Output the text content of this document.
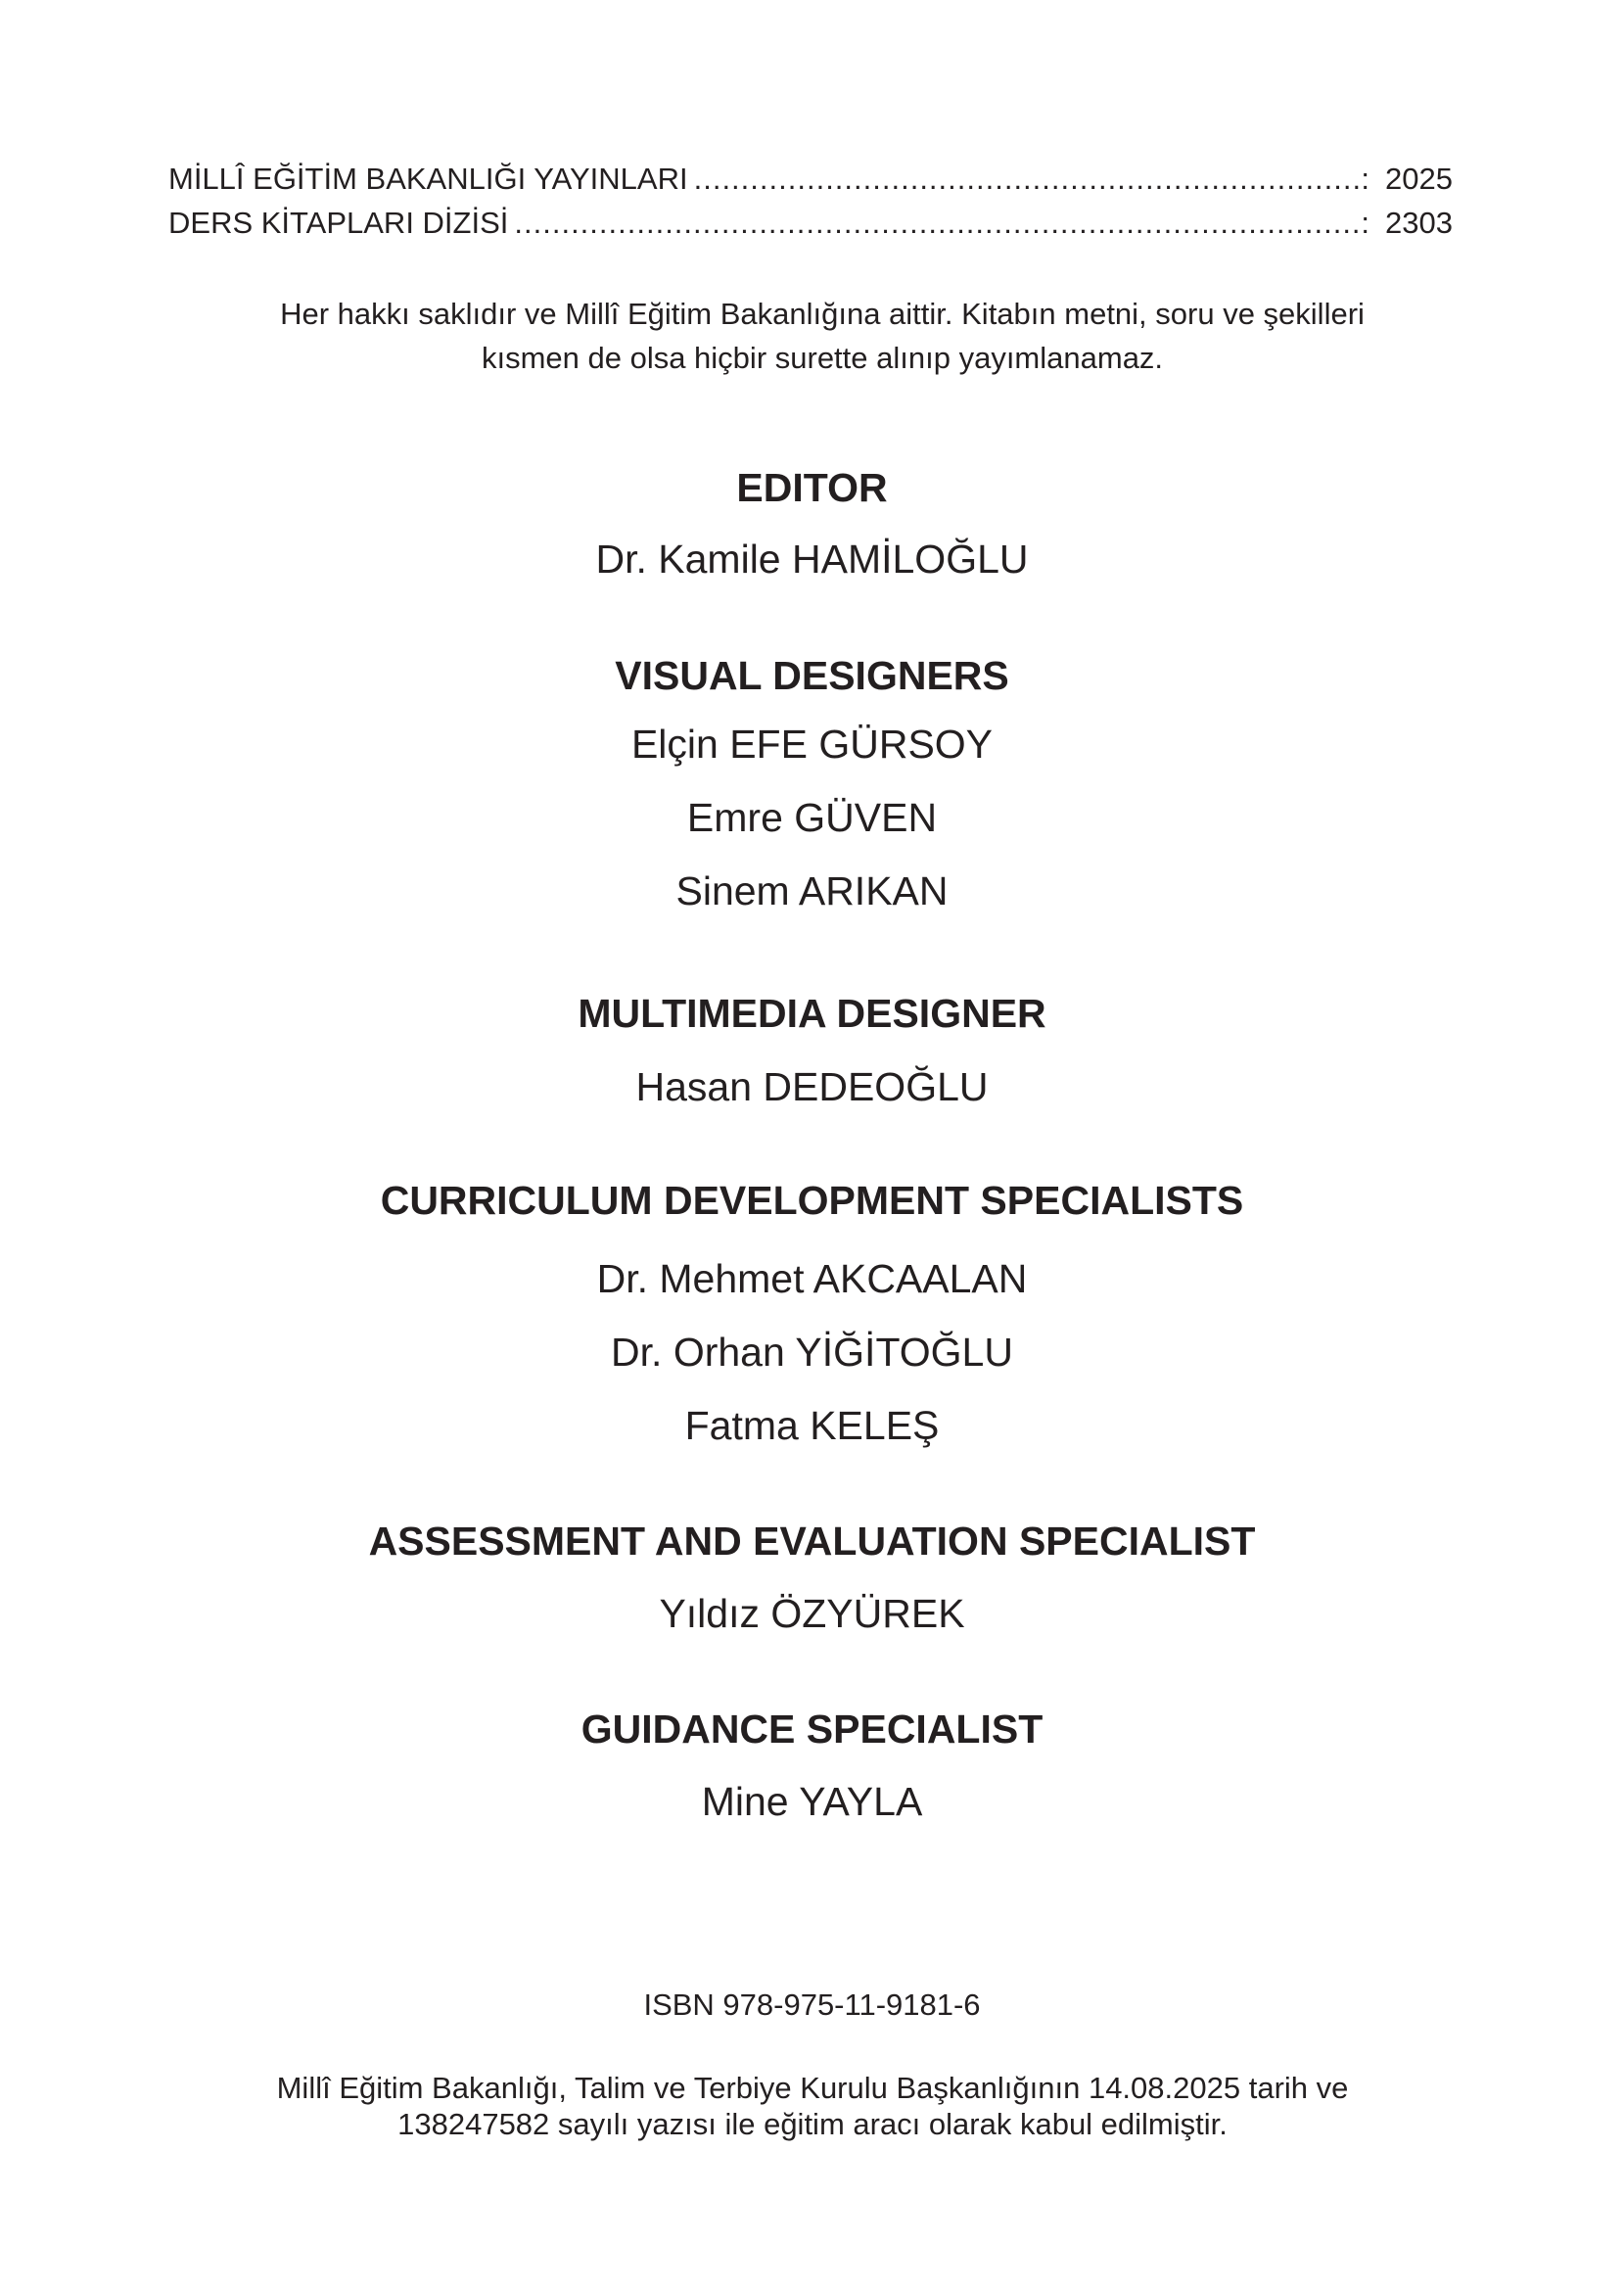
MİLLÎ EĞİTİM BAKANLIĞI YAYINLARI .....	: 2025
DERS KİTAPLARI DİZİSİ .....	: 2303
Her hakkı saklıdır ve Millî Eğitim Bakanlığına aittir. Kitabın metni, soru ve şekilleri
kısmen de olsa hiçbir surette alınıp yayımlanamaz.
EDITOR
Dr. Kamile HAMİLOĞLU
VISUAL DESIGNERS
Elçin EFE GÜRSOY
Emre GÜVEN
Sinem ARIKAN
MULTIMEDIA DESIGNER
Hasan DEDEOĞLU
CURRICULUM DEVELOPMENT SPECIALISTS
Dr. Mehmet AKCAALAN
Dr. Orhan YİĞİTOĞLU
Fatma KELEŞ
ASSESSMENT AND EVALUATION SPECIALIST
Yıldız ÖZYÜREK
GUIDANCE SPECIALIST
Mine YAYLA
ISBN 978-975-11-9181-6
Millî Eğitim Bakanlığı, Talim ve Terbiye Kurulu Başkanlığının 14.08.2025 tarih ve
138247582 sayılı yazısı ile eğitim aracı olarak kabul edilmiştir.
